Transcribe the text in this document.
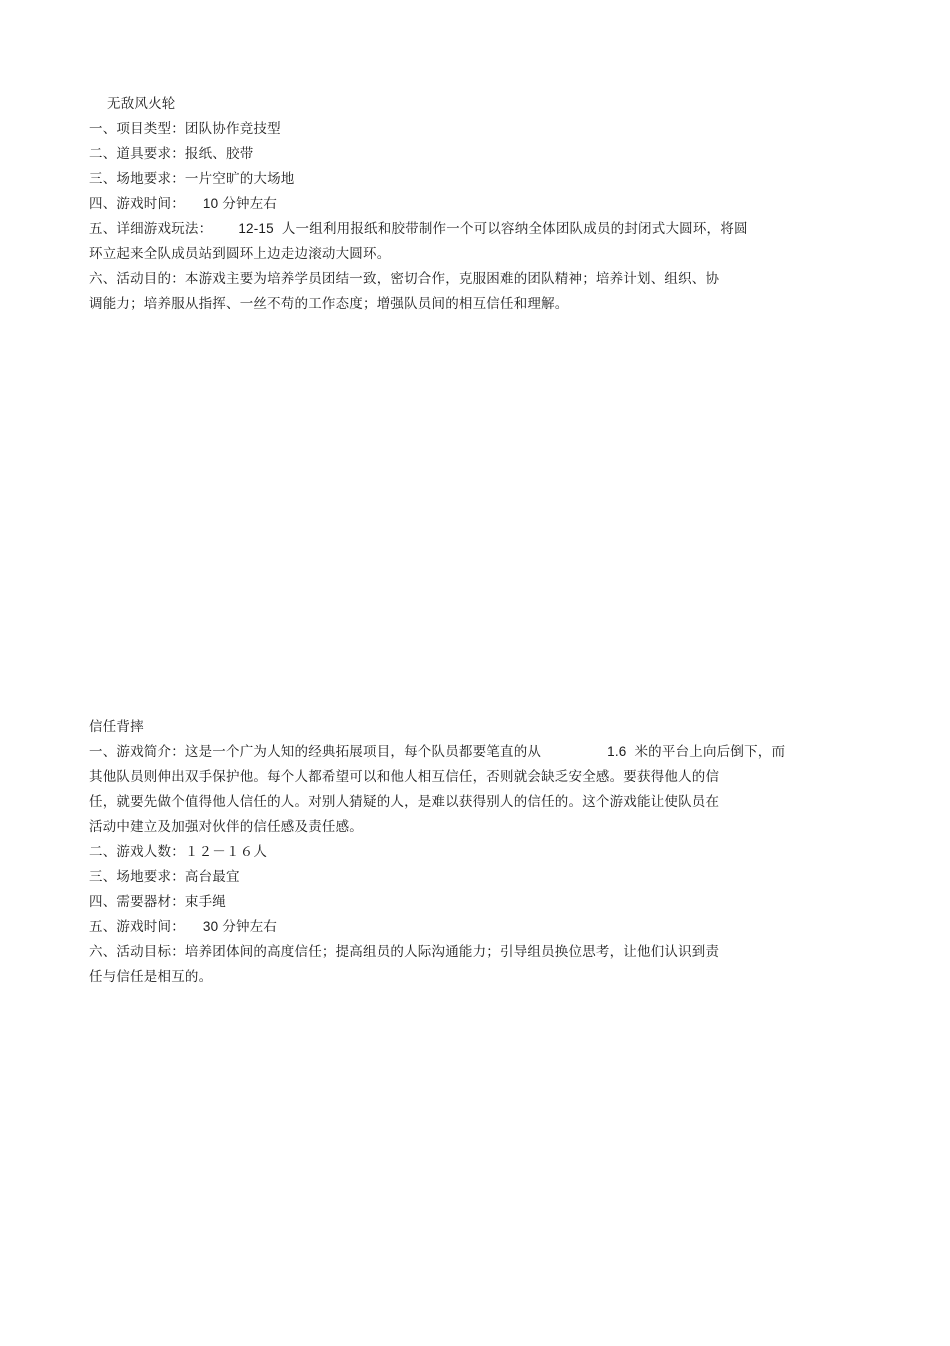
无敌风火轮
一、项目类型：团队协作竞技型
二、道具要求：报纸、胶带
三、场地要求：一片空旷的大场地
四、游戏时间： 10 分钟左右
五、详细游戏玩法： 12-15 人一组利用报纸和胶带制作一个可以容纳全体团队成员的封闭式大圆环，将圆
环立起来全队成员站到圆环上边走边滚动大圆环。
六、活动目的：本游戏主要为培养学员团结一致，密切合作，克服困难的团队精神；培养计划、组织、协
调能力；培养服从指挥、一丝不苟的工作态度；增强队员间的相互信任和理解。
信任背摔
一、游戏简介：这是一个广为人知的经典拓展项目，每个队员都要笔直的从	1.6 米的平台上向后倒下，而
其他队员则伸出双手保护他。每个人都希望可以和他人相互信任，否则就会缺乏安全感。要获得他人的信
任，就要先做个值得他人信任的人。对别人猜疑的人，是难以获得别人的信任的。这个游戏能让使队员在
活动中建立及加强对伙伴的信任感及责任感。
二、游戏人数：１２－１６人
三、场地要求：高台最宜
四、需要器材：束手绳
五、游戏时间： 30 分钟左右
六、活动目标：培养团体间的高度信任；提高组员的人际沟通能力；引导组员换位思考，让他们认识到责
任与信任是相互的。
